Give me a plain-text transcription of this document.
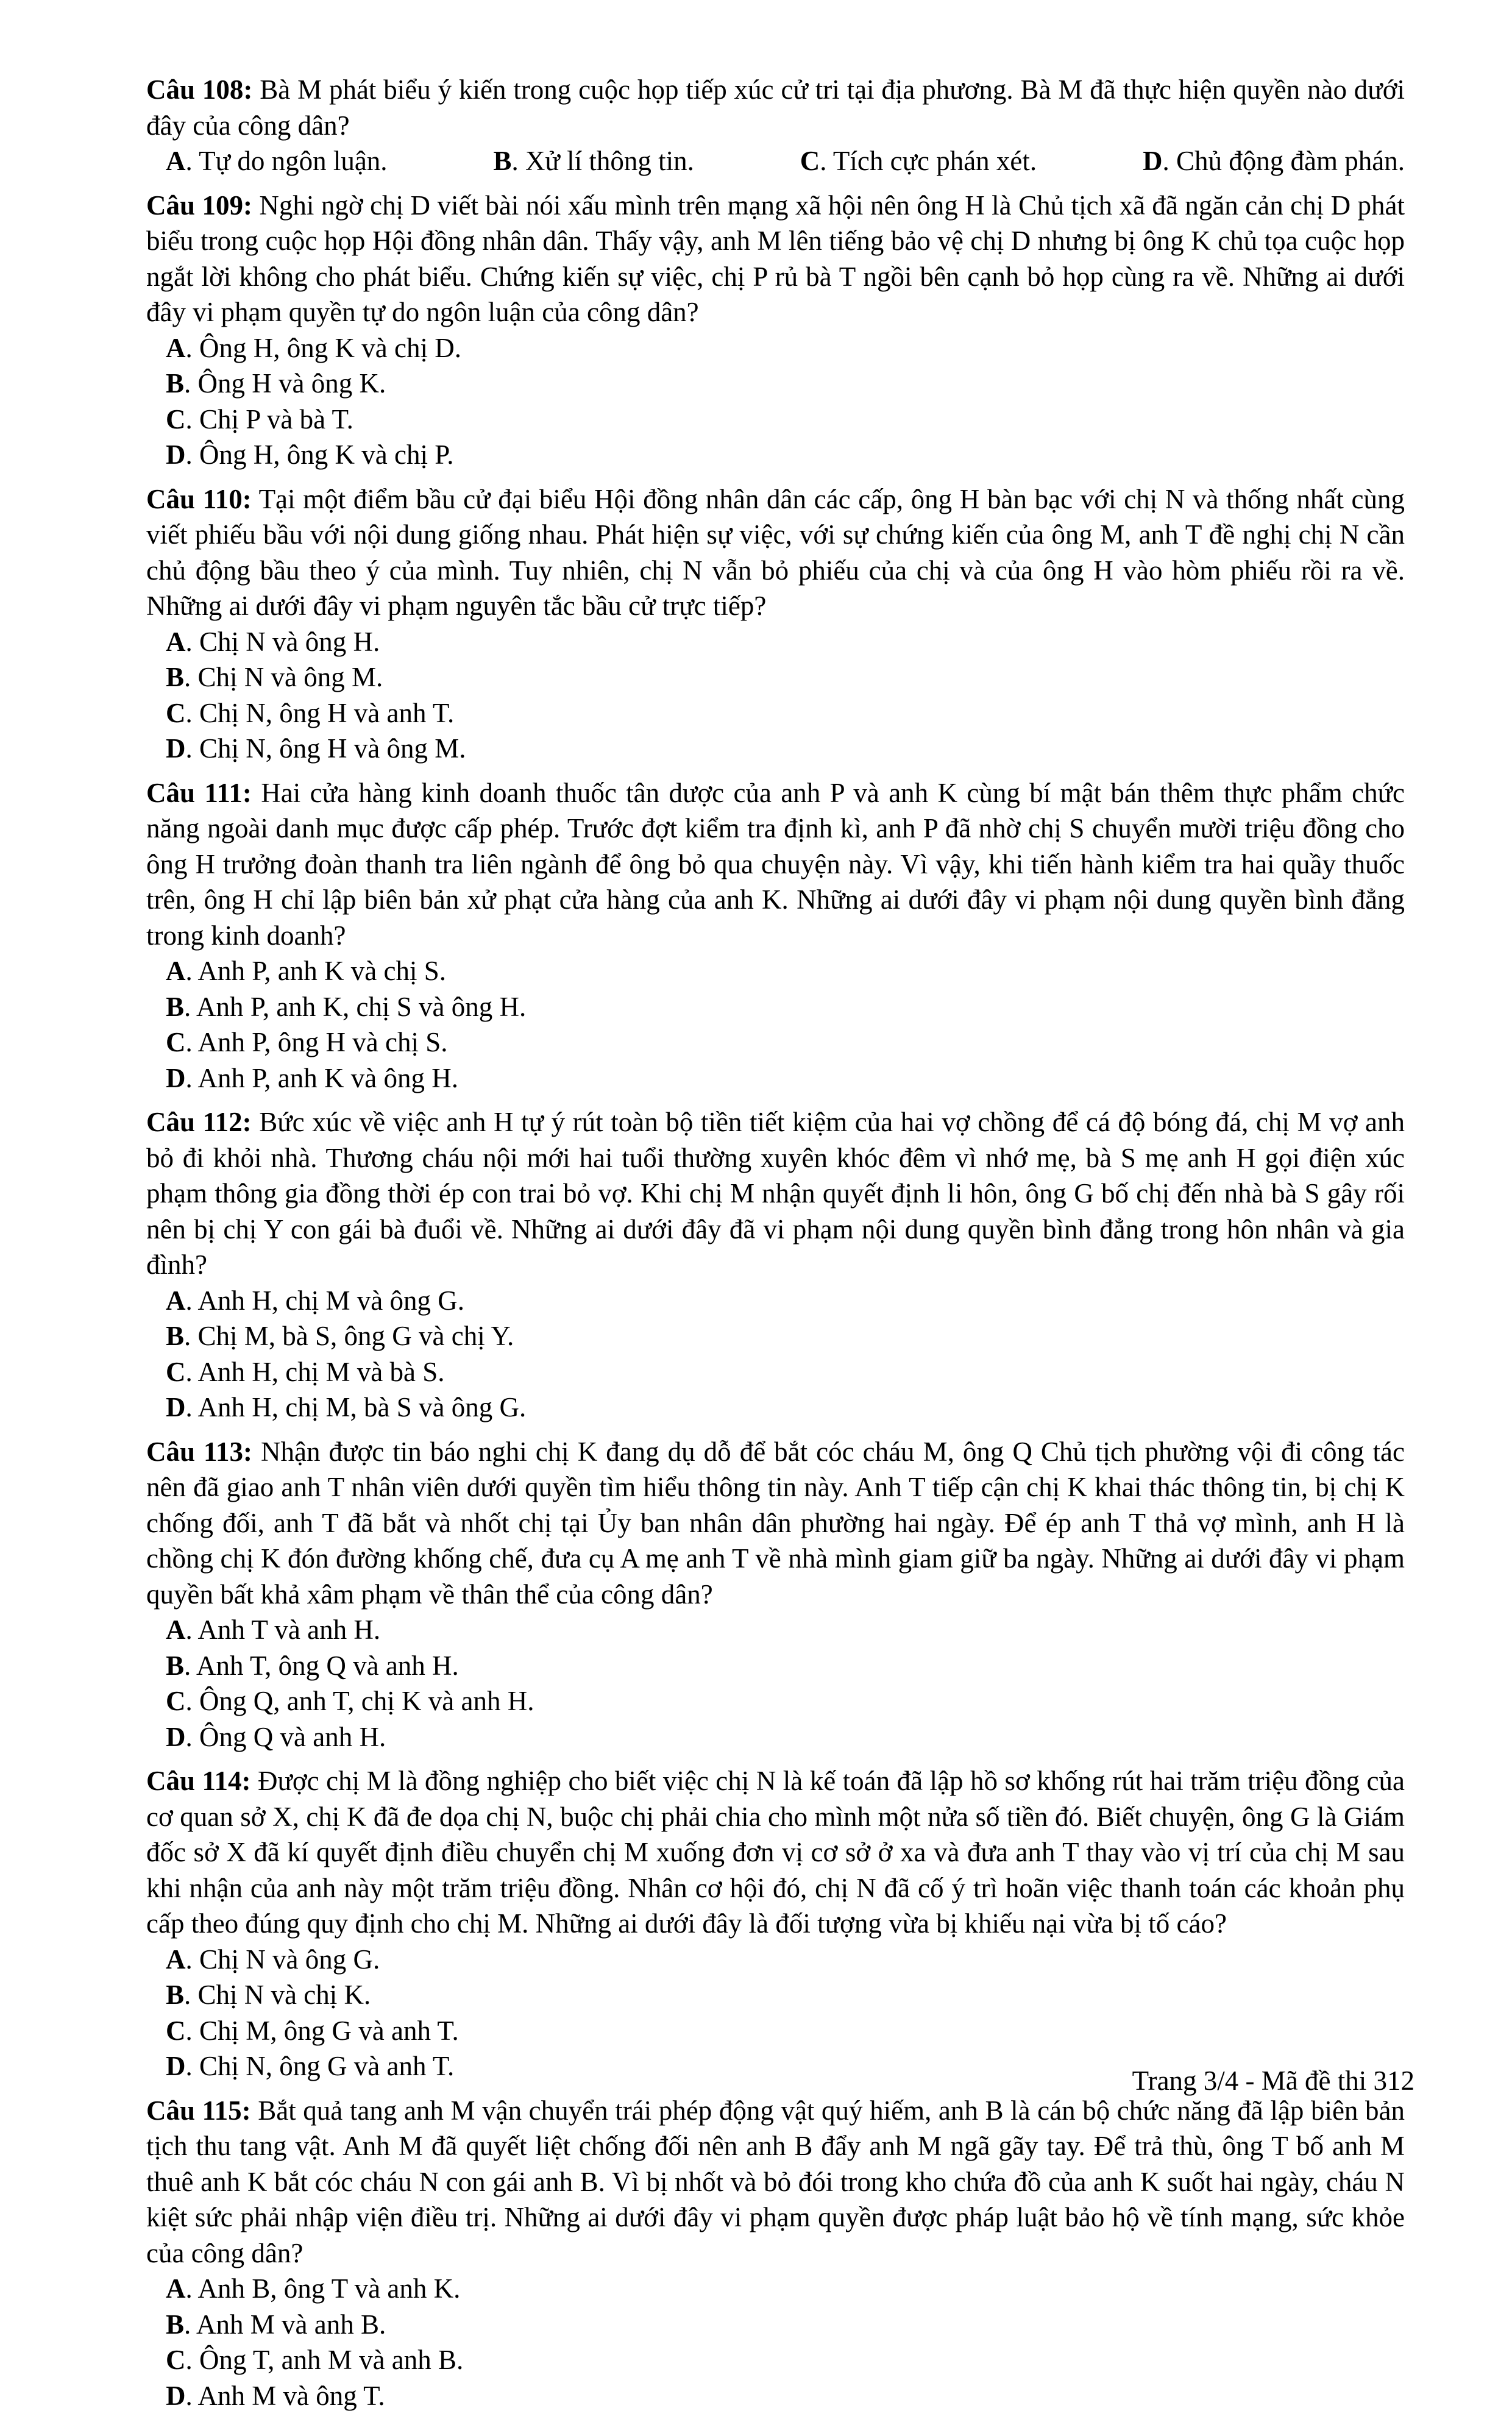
Câu 108: Bà M phát biểu ý kiến trong cuộc họp tiếp xúc cử tri tại địa phương. Bà M đã thực hiện quyền nào dưới đây của công dân?
A. Tự do ngôn luận.	B. Xử lí thông tin.	C. Tích cực phán xét.	D. Chủ động đàm phán.
Câu 109: Nghi ngờ chị D viết bài nói xấu mình trên mạng xã hội nên ông H là Chủ tịch xã đã ngăn cản chị D phát biểu trong cuộc họp Hội đồng nhân dân. Thấy vậy, anh M lên tiếng bảo vệ chị D nhưng bị ông K chủ tọa cuộc họp ngắt lời không cho phát biểu. Chứng kiến sự việc, chị P rủ bà T ngồi bên cạnh bỏ họp cùng ra về. Những ai dưới đây vi phạm quyền tự do ngôn luận của công dân?
A. Ông H, ông K và chị D.
B. Ông H và ông K.
C. Chị P và bà T.
D. Ông H, ông K và chị P.
Câu 110: Tại một điểm bầu cử đại biểu Hội đồng nhân dân các cấp, ông H bàn bạc với chị N và thống nhất cùng viết phiếu bầu với nội dung giống nhau. Phát hiện sự việc, với sự chứng kiến của ông M, anh T đề nghị chị N cần chủ động bầu theo ý của mình. Tuy nhiên, chị N vẫn bỏ phiếu của chị và của ông H vào hòm phiếu rồi ra về. Những ai dưới đây vi phạm nguyên tắc bầu cử trực tiếp?
A. Chị N và ông H.
B. Chị N và ông M.
C. Chị N, ông H và anh T.
D. Chị N, ông H và ông M.
Câu 111: Hai cửa hàng kinh doanh thuốc tân dược của anh P và anh K cùng bí mật bán thêm thực phẩm chức năng ngoài danh mục được cấp phép. Trước đợt kiểm tra định kì, anh P đã nhờ chị S chuyển mười triệu đồng cho ông H trưởng đoàn thanh tra liên ngành để ông bỏ qua chuyện này. Vì vậy, khi tiến hành kiểm tra hai quầy thuốc trên, ông H chỉ lập biên bản xử phạt cửa hàng của anh K. Những ai dưới đây vi phạm nội dung quyền bình đẳng trong kinh doanh?
A. Anh P, anh K và chị S.
B. Anh P, anh K, chị S và ông H.
C. Anh P, ông H và chị S.
D. Anh P, anh K và ông H.
Câu 112: Bức xúc về việc anh H tự ý rút toàn bộ tiền tiết kiệm của hai vợ chồng để cá độ bóng đá, chị M vợ anh bỏ đi khỏi nhà. Thương cháu nội mới hai tuổi thường xuyên khóc đêm vì nhớ mẹ, bà S mẹ anh H gọi điện xúc phạm thông gia đồng thời ép con trai bỏ vợ. Khi chị M nhận quyết định li hôn, ông G bố chị đến nhà bà S gây rối nên bị chị Y con gái bà đuổi về. Những ai dưới đây đã vi phạm nội dung quyền bình đẳng trong hôn nhân và gia đình?
A. Anh H, chị M và ông G.
B. Chị M, bà S, ông G và chị Y.
C. Anh H, chị M và bà S.
D. Anh H, chị M, bà S và ông G.
Câu 113: Nhận được tin báo nghi chị K đang dụ dỗ để bắt cóc cháu M, ông Q Chủ tịch phường vội đi công tác nên đã giao anh T nhân viên dưới quyền tìm hiểu thông tin này. Anh T tiếp cận chị K khai thác thông tin, bị chị K chống đối, anh T đã bắt và nhốt chị tại Ủy ban nhân dân phường hai ngày. Để ép anh T thả vợ mình, anh H là chồng chị K đón đường khống chế, đưa cụ A mẹ anh T về nhà mình giam giữ ba ngày. Những ai dưới đây vi phạm quyền bất khả xâm phạm về thân thể của công dân?
A. Anh T và anh H.
B. Anh T, ông Q và anh H.
C. Ông Q, anh T, chị K và anh H.
D. Ông Q và anh H.
Câu 114: Được chị M là đồng nghiệp cho biết việc chị N là kế toán đã lập hồ sơ khống rút hai trăm triệu đồng của cơ quan sở X, chị K đã đe dọa chị N, buộc chị phải chia cho mình một nửa số tiền đó. Biết chuyện, ông G là Giám đốc sở X đã kí quyết định điều chuyển chị M xuống đơn vị cơ sở ở xa và đưa anh T thay vào vị trí của chị M sau khi nhận của anh này một trăm triệu đồng. Nhân cơ hội đó, chị N đã cố ý trì hoãn việc thanh toán các khoản phụ cấp theo đúng quy định cho chị M. Những ai dưới đây là đối tượng vừa bị khiếu nại vừa bị tố cáo?
A. Chị N và ông G.
B. Chị N và chị K.
C. Chị M, ông G và anh T.
D. Chị N, ông G và anh T.
Câu 115: Bắt quả tang anh M vận chuyển trái phép động vật quý hiếm, anh B là cán bộ chức năng đã lập biên bản tịch thu tang vật. Anh M đã quyết liệt chống đối nên anh B đẩy anh M ngã gãy tay. Để trả thù, ông T bố anh M thuê anh K bắt cóc cháu N con gái anh B. Vì bị nhốt và bỏ đói trong kho chứa đồ của anh K suốt hai ngày, cháu N kiệt sức phải nhập viện điều trị. Những ai dưới đây vi phạm quyền được pháp luật bảo hộ về tính mạng, sức khỏe của công dân?
A. Anh B, ông T và anh K.
B. Anh M và anh B.
C. Ông T, anh M và anh B.
D. Anh M và ông T.
Trang 3/4 - Mã đề thi 312
